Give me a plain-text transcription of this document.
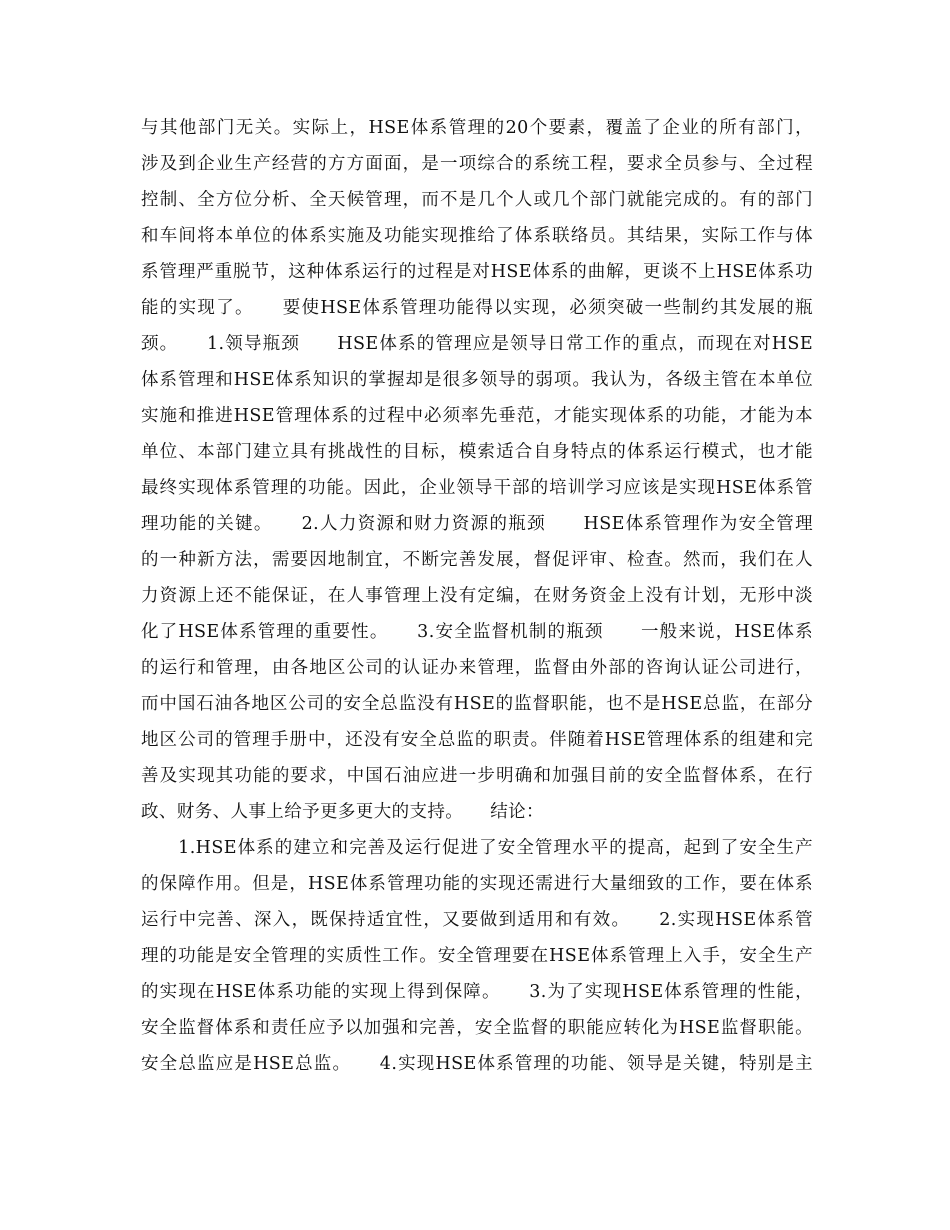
与其他部门无关。实际上，HSE体系管理的20个要素，覆盖了企业的所有部门，
涉及到企业生产经营的方方面面，是一项综合的系统工程，要求全员参与、全过程
控制、全方位分析、全天候管理，而不是几个人或几个部门就能完成的。有的部门
和车间将本单位的体系实施及功能实现推给了体系联络员。其结果，实际工作与体
系管理严重脱节，这种体系运行的过程是对HSE体系的曲解，更谈不上HSE体系功
能的实现了。　　要使HSE体系管理功能得以实现，必须突破一些制约其发展的瓶
颈。　　1.领导瓶颈　　HSE体系的管理应是领导日常工作的重点，而现在对HSE
体系管理和HSE体系知识的掌握却是很多领导的弱项。我认为，各级主管在本单位
实施和推进HSE管理体系的过程中必须率先垂范，才能实现体系的功能，才能为本
单位、本部门建立具有挑战性的目标，模索适合自身特点的体系运行模式，也才能
最终实现体系管理的功能。因此，企业领导干部的培训学习应该是实现HSE体系管
理功能的关键。　　2.人力资源和财力资源的瓶颈　　HSE体系管理作为安全管理
的一种新方法，需要因地制宜，不断完善发展，督促评审、检查。然而，我们在人
力资源上还不能保证，在人事管理上没有定编，在财务资金上没有计划，无形中淡
化了HSE体系管理的重要性。　　3.安全监督机制的瓶颈　　一般来说，HSE体系
的运行和管理，由各地区公司的认证办来管理，监督由外部的咨询认证公司进行，
而中国石油各地区公司的安全总监没有HSE的监督职能，也不是HSE总监，在部分
地区公司的管理手册中，还没有安全总监的职责。伴随着HSE管理体系的组建和完
善及实现其功能的要求，中国石油应进一步明确和加强目前的安全监督体系，在行
政、财务、人事上给予更多更大的支持。　　结论：
　　1.HSE体系的建立和完善及运行促进了安全管理水平的提高，起到了安全生产
的保障作用。但是，HSE体系管理功能的实现还需进行大量细致的工作，要在体系
运行中完善、深入，既保持适宜性，又要做到适用和有效。　　2.实现HSE体系管
理的功能是安全管理的实质性工作。安全管理要在HSE体系管理上入手，安全生产
的实现在HSE体系功能的实现上得到保障。　　3.为了实现HSE体系管理的性能，
安全监督体系和责任应予以加强和完善，安全监督的职能应转化为HSE监督职能。
安全总监应是HSE总监。　　4.实现HSE体系管理的功能、领导是关键，特别是主
